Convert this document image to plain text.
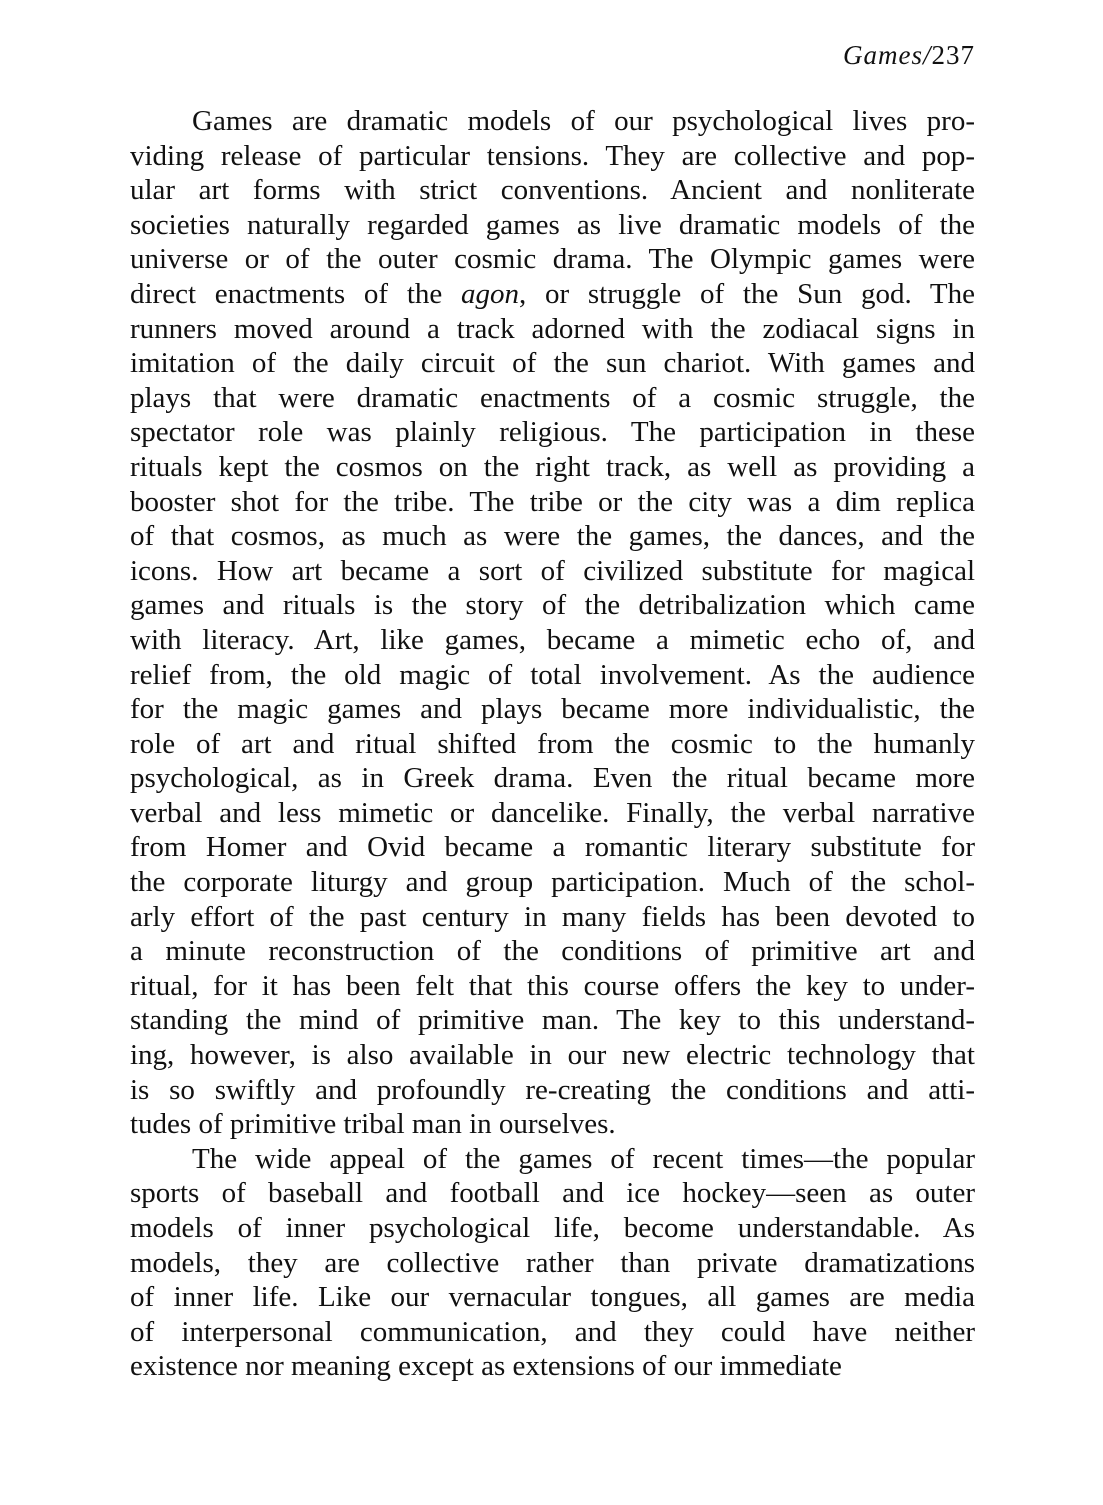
Games/237

Games are dramatic models of our psychological lives pro-
viding release of particular tensions. They are collective and pop-
ular art forms with strict conventions. Ancient and nonliterate
societies naturally regarded games as live dramatic models of the
universe or of the outer cosmic drama. The Olympic games were
direct enactments of the agon, or struggle of the Sun god. The
runners moved around a track adorned with the zodiacal signs in
imitation of the daily circuit of the sun chariot. With games and
plays that were dramatic enactments of a cosmic struggle, the
spectator role was plainly religious. The participation in these
rituals kept the cosmos on the right track, as well as providing a
booster shot for the tribe. The tribe or the city was a dim replica
of that cosmos, as much as were the games, the dances, and the
icons. How art became a sort of civilized substitute for magical
games and rituals is the story of the detribalization which came
with literacy. Art, like games, became a mimetic echo of, and
relief from, the old magic of total involvement. As the audience
for the magic games and plays became more individualistic, the
role of art and ritual shifted from the cosmic to the humanly
psychological, as in Greek drama. Even the ritual became more
verbal and less mimetic or dancelike. Finally, the verbal narrative
from Homer and Ovid became a romantic literary substitute for
the corporate liturgy and group participation. Much of the schol-
arly effort of the past century in many fields has been devoted to
a minute reconstruction of the conditions of primitive art and
ritual, for it has been felt that this course offers the key to under-
standing the mind of primitive man. The key to this understand-
ing, however, is also available in our new electric technology that
is so swiftly and profoundly re-creating the conditions and atti-
tudes of primitive tribal man in ourselves.

The wide appeal of the games of recent times—the popular
sports of baseball and football and ice hockey—seen as outer
models of inner psychological life, become understandable. As
models, they are collective rather than private dramatizations
of inner life. Like our vernacular tongues, all games are media
of interpersonal communication, and they could have neither
existence nor meaning except as extensions of our immediate
